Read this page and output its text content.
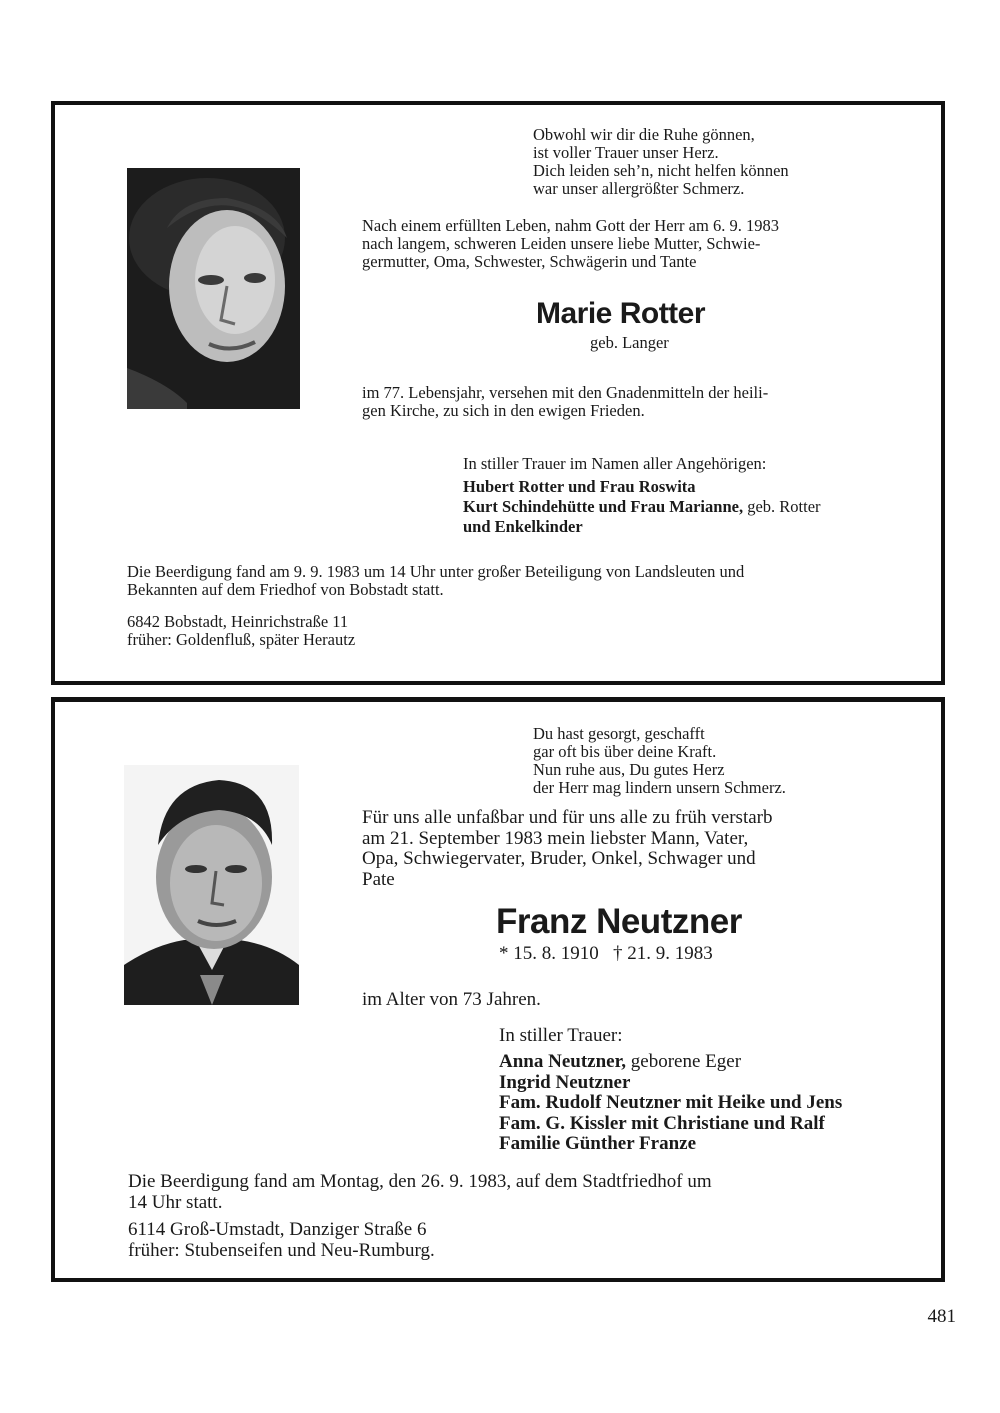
Obwohl wir dir die Ruhe gönnen,
ist voller Trauer unser Herz.
Dich leiden seh’n, nicht helfen können
war unser allergrößter Schmerz.
Nach einem erfüllten Leben, nahm Gott der Herr am 6. 9. 1983
nach langem, schweren Leiden unsere liebe Mutter, Schwie-
germutter, Oma, Schwester, Schwägerin und Tante
Marie Rotter
geb. Langer
im 77. Lebensjahr, versehen mit den Gnadenmitteln der heili-
gen Kirche, zu sich in den ewigen Frieden.
In stiller Trauer im Namen aller Angehörigen:
Hubert Rotter und Frau Roswita
Kurt Schindehütte und Frau Marianne, geb. Rotter
und Enkelkinder
Die Beerdigung fand am 9. 9. 1983 um 14 Uhr unter großer Beteiligung von Landsleuten und
Bekannten auf dem Friedhof von Bobstadt statt.
6842 Bobstadt, Heinrichstraße 11
früher: Goldenfluß, später Herautz
Du hast gesorgt, geschafft
gar oft bis über deine Kraft.
Nun ruhe aus, Du gutes Herz
der Herr mag lindern unsern Schmerz.
Für uns alle unfaßbar und für uns alle zu früh verstarb
am 21. September 1983 mein liebster Mann, Vater,
Opa, Schwiegervater, Bruder, Onkel, Schwager und
Pate
Franz Neutzner
* 15. 8. 1910   † 21. 9. 1983
im Alter von 73 Jahren.
In stiller Trauer:
Anna Neutzner, geborene Eger
Ingrid Neutzner
Fam. Rudolf Neutzner mit Heike und Jens
Fam. G. Kissler mit Christiane und Ralf
Familie Günther Franze
Die Beerdigung fand am Montag, den 26. 9. 1983, auf dem Stadtfriedhof um
14 Uhr statt.
6114 Groß-Umstadt, Danziger Straße 6
früher: Stubenseifen und Neu-Rumburg.
481
